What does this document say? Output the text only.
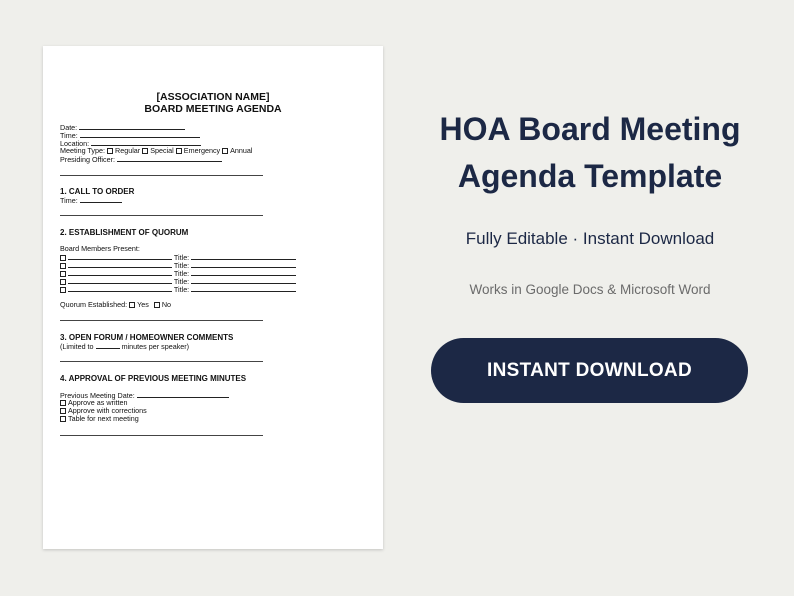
[ASSOCIATION NAME]
BOARD MEETING AGENDA
Date:
Time:
Location:
Meeting Type: Regular Special Emergency Annual
Presiding Officer:
1. CALL TO ORDER
Time:
2. ESTABLISHMENT OF QUORUM
Board Members Present:
Title:
Title:
Title:
Title:
Title:
Quorum Established: Yes No
3. OPEN FORUM / HOMEOWNER COMMENTS
(Limited to	minutes per speaker)
4. APPROVAL OF PREVIOUS MEETING MINUTES
Previous Meeting Date:
Approve as written
Approve with corrections
Table for next meeting
HOA Board Meeting
Agenda Template
Fully Editable · Instant Download
Works in Google Docs & Microsoft Word
INSTANT DOWNLOAD
